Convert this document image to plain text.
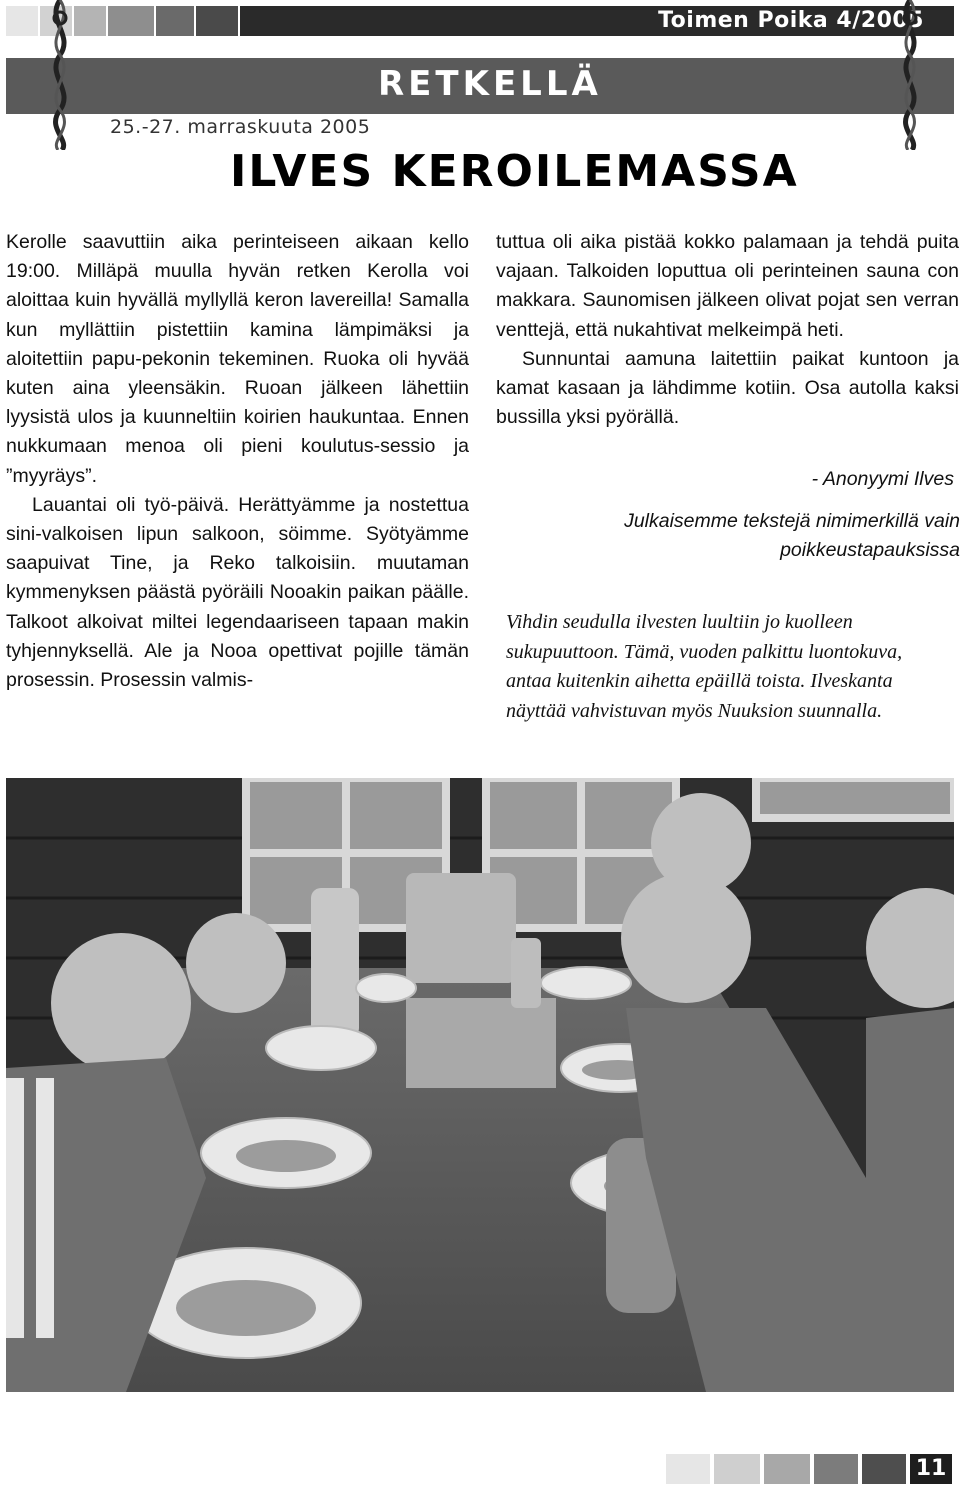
Toimen Poika 4/2005
RETKELLÄ
25.-27. marraskuuta 2005
ILVES KEROILEMASSA

Kerolle saavuttiin aika perinteiseen aikaan kello 19:00. Milläpä muulla hyvän retken Kerolla voi aloittaa kuin hyvällä myllyllä keron lavereilla! Samalla kun myllättiin pistettiin kamina lämpimäksi ja aloitettiin papu-pekonin tekeminen. Ruoka oli hyvää kuten aina yleensäkin. Ruoan jälkeen lähettiin lyysistä ulos ja kuunneltiin koirien haukuntaa. Ennen nukkumaan menoa oli pieni koulutus-sessio ja ”myyräys”.

Lauantai oli työ-päivä. Herättyämme ja nostettua sini-valkoisen lipun salkoon, söimme. Syötyämme saapuivat Tine, ja Reko talkoisiin. muutaman kymmenyksen päästä pyöräili Nooakin paikan päälle. Talkoot alkoivat miltei legendaariseen tapaan makin tyhjennyksellä. Ale ja Nooa opettivat pojille tämän prosessin. Prosessin valmis-

tuttua oli aika pistää kokko palamaan ja tehdä puita vajaan. Talkoiden loputtua oli perinteinen sauna con makkara. Saunomisen jälkeen olivat pojat sen verran venttejä, että nukahtivat melkeimpä heti.

Sunnuntai aamuna laitettiin paikat kuntoon ja kamat kasaan ja lähdimme kotiin. Osa autolla kaksi bussilla yksi pyörällä.

- Anonyymi Ilves
Julkaisemme tekstejä nimimerkillä vain poikkeustapauksissa
Vihdin seudulla ilvesten luultiin jo kuolleen sukupuuttoon. Tämä, vuoden palkittu luontokuva, antaa kuitenkin aihetta epäillä toista. Ilveskanta näyttää vahvistuvan myös Nuuksion suunnalla.
11
